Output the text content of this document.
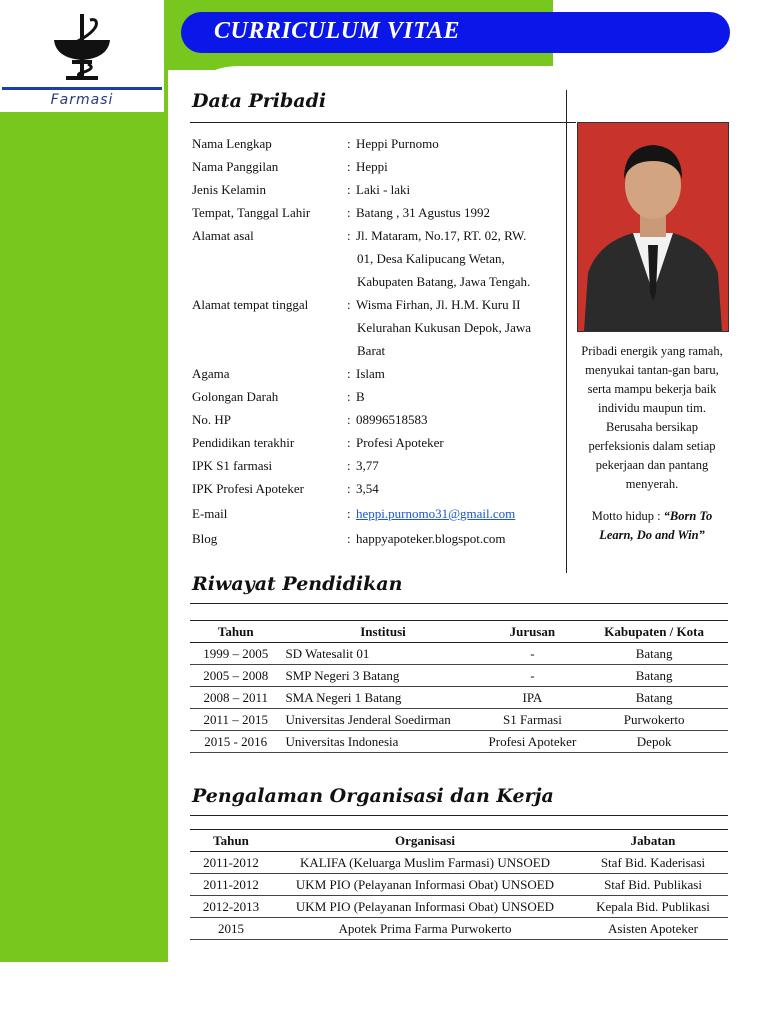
Farmasi
CURRICULUM VITAE
Data Pribadi
Nama Lengkap	: Heppi Purnomo
Nama Panggilan	: Heppi
Jenis Kelamin	: Laki - laki
Tempat, Tanggal Lahir	: Batang , 31 Agustus 1992
Alamat asal	: Jl. Mataram, No.17, RT. 02, RW.
01, Desa Kalipucang Wetan,
Kabupaten Batang, Jawa Tengah.
Alamat tempat tinggal	: Wisma Firhan, Jl. H.M. Kuru II
Kelurahan Kukusan Depok, Jawa
Barat
Agama	: Islam
Golongan Darah	: B
No. HP	: 08996518583
Pendidikan terakhir	: Profesi Apoteker
IPK S1 farmasi	: 3,77
IPK Profesi Apoteker	: 3,54
E-mail	: heppi.purnomo31@gmail.com
Blog	: happyapoteker.blogspot.com
Pribadi energik yang ramah, menyukai tantan-gan baru, serta mampu bekerja baik individu maupun tim. Berusaha bersikap perfeksionis dalam setiap pekerjaan dan pantang menyerah.
Motto hidup : “Born To Learn, Do and Win”
Riwayat Pendidikan
Tahun	Institusi	Jurusan	Kabupaten / Kota
1999 – 2005	SD Watesalit 01	-	Batang
2005 – 2008	SMP Negeri 3 Batang	-	Batang
2008 – 2011	SMA Negeri 1 Batang	IPA	Batang
2011 – 2015	Universitas Jenderal Soedirman	S1 Farmasi	Purwokerto
2015 - 2016	Universitas Indonesia	Profesi Apoteker	Depok
Pengalaman Organisasi dan Kerja
Tahun	Organisasi	Jabatan
2011-2012	KALIFA (Keluarga Muslim Farmasi) UNSOED	Staf Bid. Kaderisasi
2011-2012	UKM PIO (Pelayanan Informasi Obat) UNSOED	Staf Bid. Publikasi
2012-2013	UKM PIO (Pelayanan Informasi Obat) UNSOED	Kepala Bid. Publikasi
2015	Apotek Prima Farma Purwokerto	Asisten Apoteker
